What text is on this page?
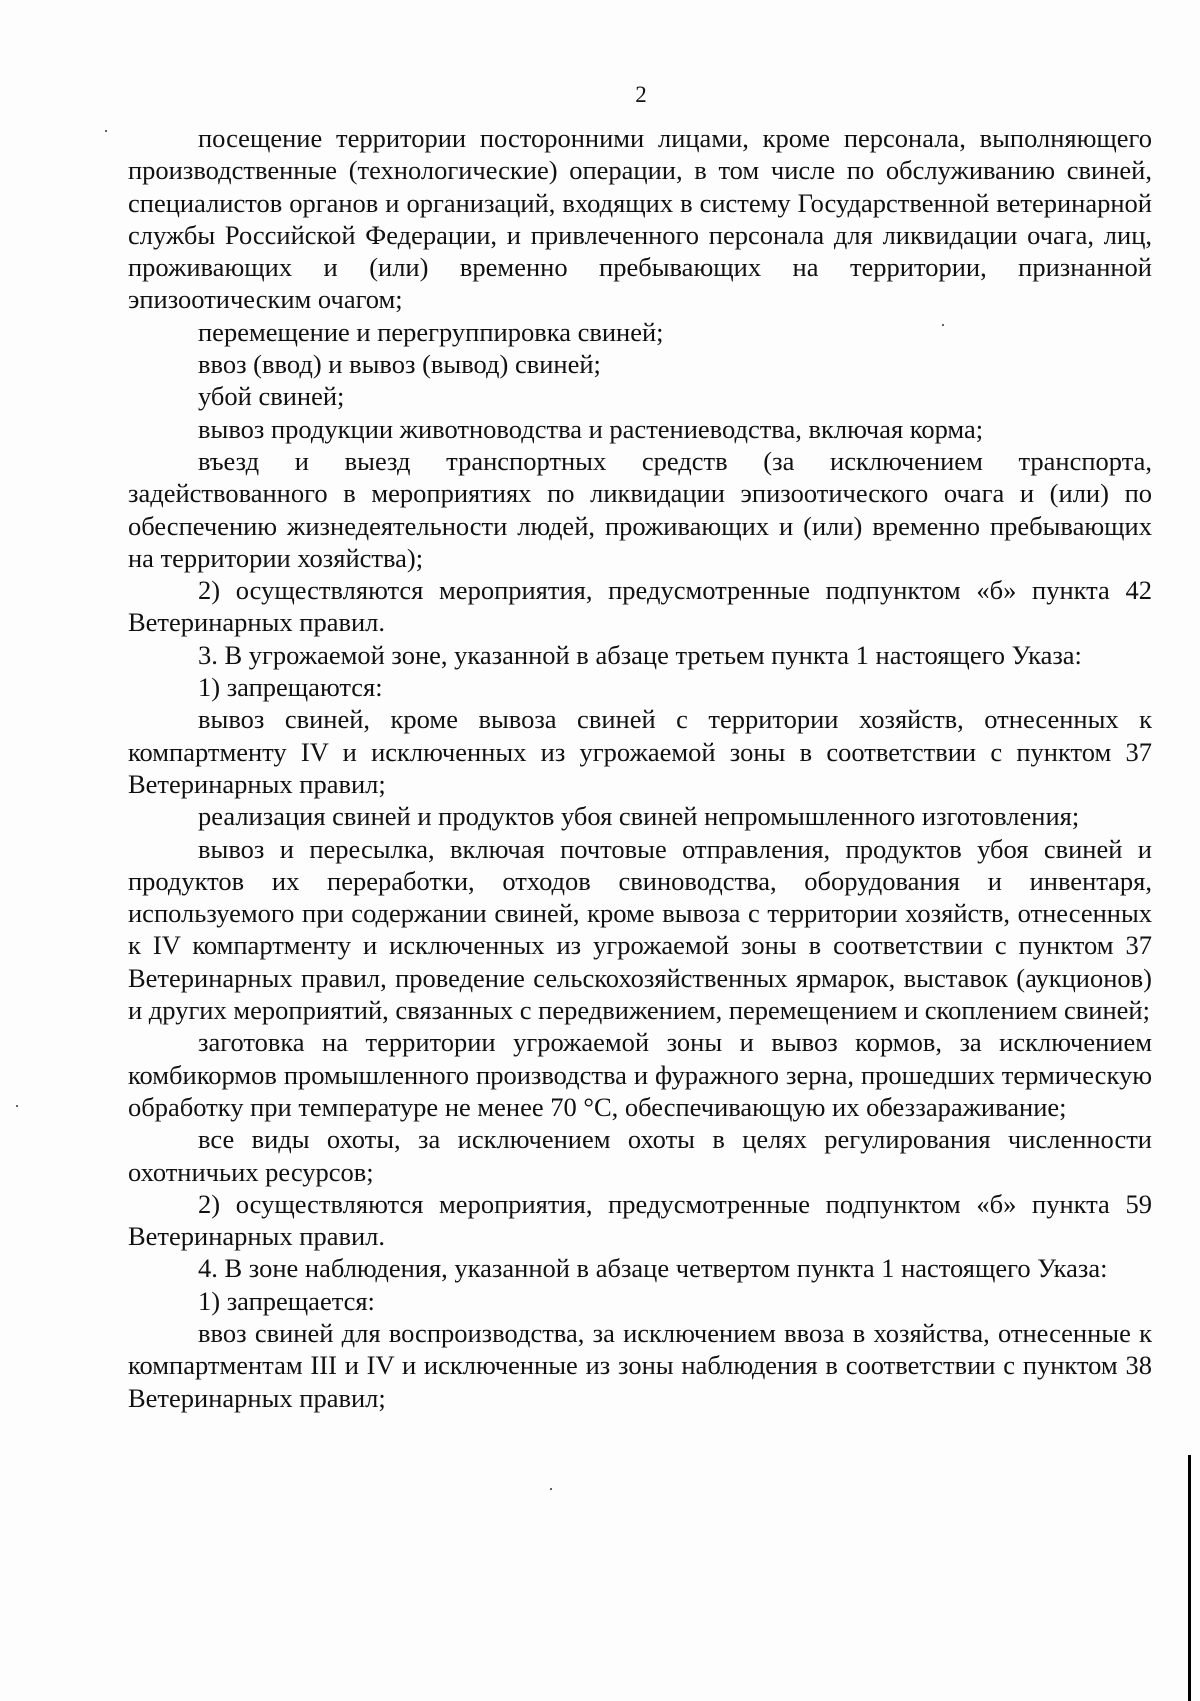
2

посещение территории посторонними лицами, кроме персонала, выполняющего производственные (технологические) операции, в том числе по обслуживанию свиней, специалистов органов и организаций, входящих в систему Государственной ветеринарной службы Российской Федерации, и привлеченного персонала для ликвидации очага, лиц, проживающих и (или) временно пребывающих на территории, признанной эпизоотическим очагом;

перемещение и перегруппировка свиней;

ввоз (ввод) и вывоз (вывод) свиней;

убой свиней;

вывоз продукции животноводства и растениеводства, включая корма;

въезд и выезд транспортных средств (за исключением транспорта, задействованного в мероприятиях по ликвидации эпизоотического очага и (или) по обеспечению жизнедеятельности людей, проживающих и (или) временно пребывающих на территории хозяйства);

2) осуществляются мероприятия, предусмотренные подпунктом «б» пункта 42 Ветеринарных правил.

3. В угрожаемой зоне, указанной в абзаце третьем пункта 1 настоящего Указа:

1) запрещаются:

вывоз свиней, кроме вывоза свиней с территории хозяйств, отнесенных к компартменту IV и исключенных из угрожаемой зоны в соответствии с пунктом 37 Ветеринарных правил;

реализация свиней и продуктов убоя свиней непромышленного изготовления;

вывоз и пересылка, включая почтовые отправления, продуктов убоя свиней и продуктов их переработки, отходов свиноводства, оборудования и инвентаря, используемого при содержании свиней, кроме вывоза с территории хозяйств, отнесенных к IV компартменту и исключенных из угрожаемой зоны в соответствии с пунктом 37 Ветеринарных правил, проведение сельскохозяйственных ярмарок, выставок (аукционов) и других мероприятий, связанных с передвижением, перемещением и скоплением свиней;

заготовка на территории угрожаемой зоны и вывоз кормов, за исключением комбикормов промышленного производства и фуражного зерна, прошедших термическую обработку при температуре не менее 70 °С, обеспечивающую их обеззараживание;

все виды охоты, за исключением охоты в целях регулирования численности охотничьих ресурсов;

2) осуществляются мероприятия, предусмотренные подпунктом «б» пункта 59 Ветеринарных правил.

4. В зоне наблюдения, указанной в абзаце четвертом пункта 1 настоящего Указа:

1) запрещается:

ввоз свиней для воспроизводства, за исключением ввоза в хозяйства, отнесенные к компартментам III и IV и исключенные из зоны наблюдения в соответствии с пунктом 38 Ветеринарных правил;
